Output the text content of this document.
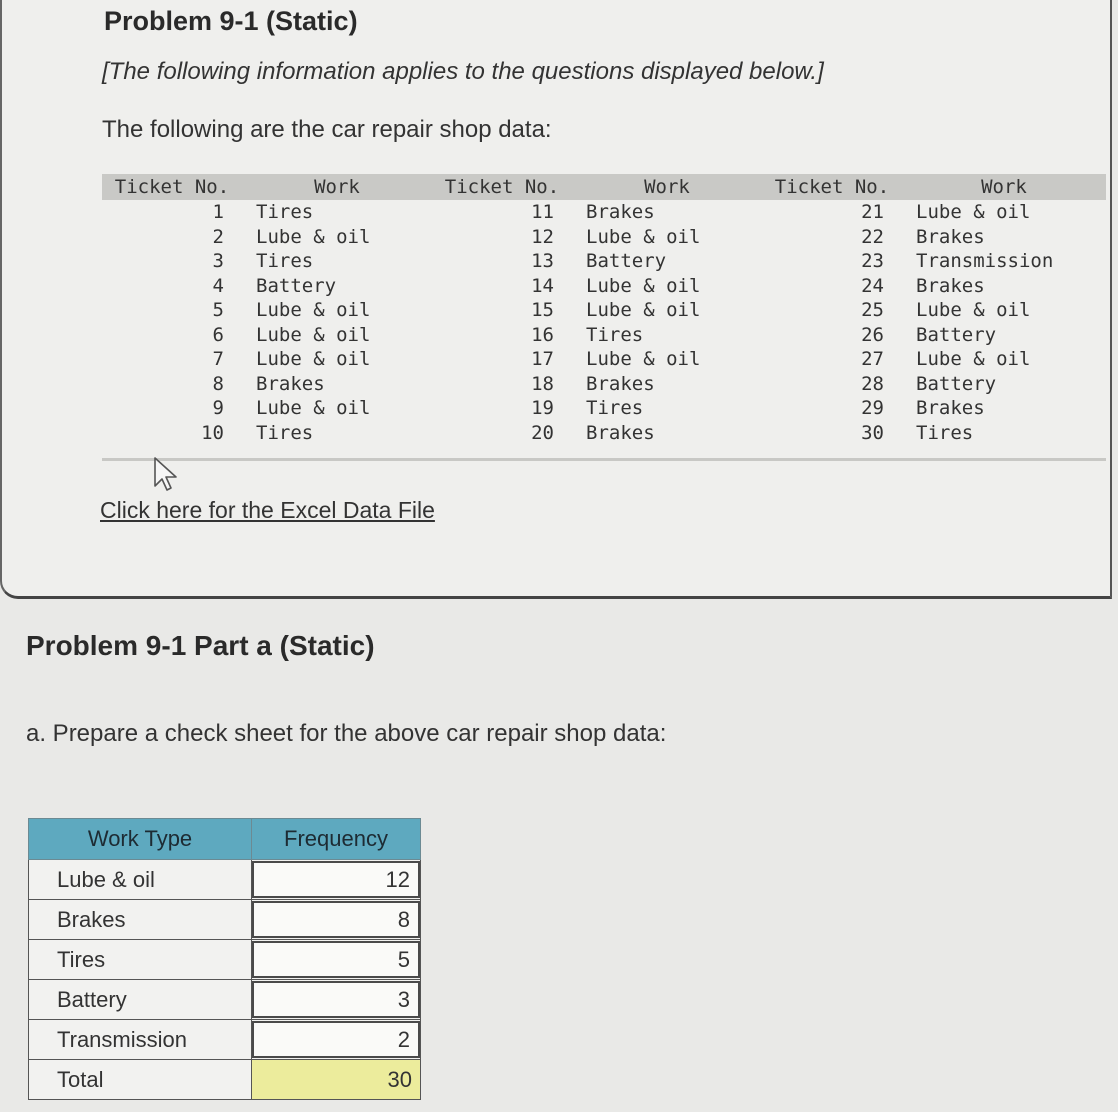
Problem 9-1 (Static)
[The following information applies to the questions displayed below.]
The following are the car repair shop data:
Ticket No.	Work	Ticket No.	Work	Ticket No.	Work
1	Tires	11	Brakes	21	Lube & oil
2	Lube & oil	12	Lube & oil	22	Brakes
3	Tires	13	Battery	23	Transmission
4	Battery	14	Lube & oil	24	Brakes
5	Lube & oil	15	Lube & oil	25	Lube & oil
6	Lube & oil	16	Tires	26	Battery
7	Lube & oil	17	Lube & oil	27	Lube & oil
8	Brakes	18	Brakes	28	Battery
9	Lube & oil	19	Tires	29	Brakes
10	Tires	20	Brakes	30	Tires
Click here for the Excel Data File
Problem 9-1 Part a (Static)
a. Prepare a check sheet for the above car repair shop data:
Work Type	Frequency
Lube & oil	12

Brakes	8

Tires	5

Battery	3

Transmission	2

Total	30
